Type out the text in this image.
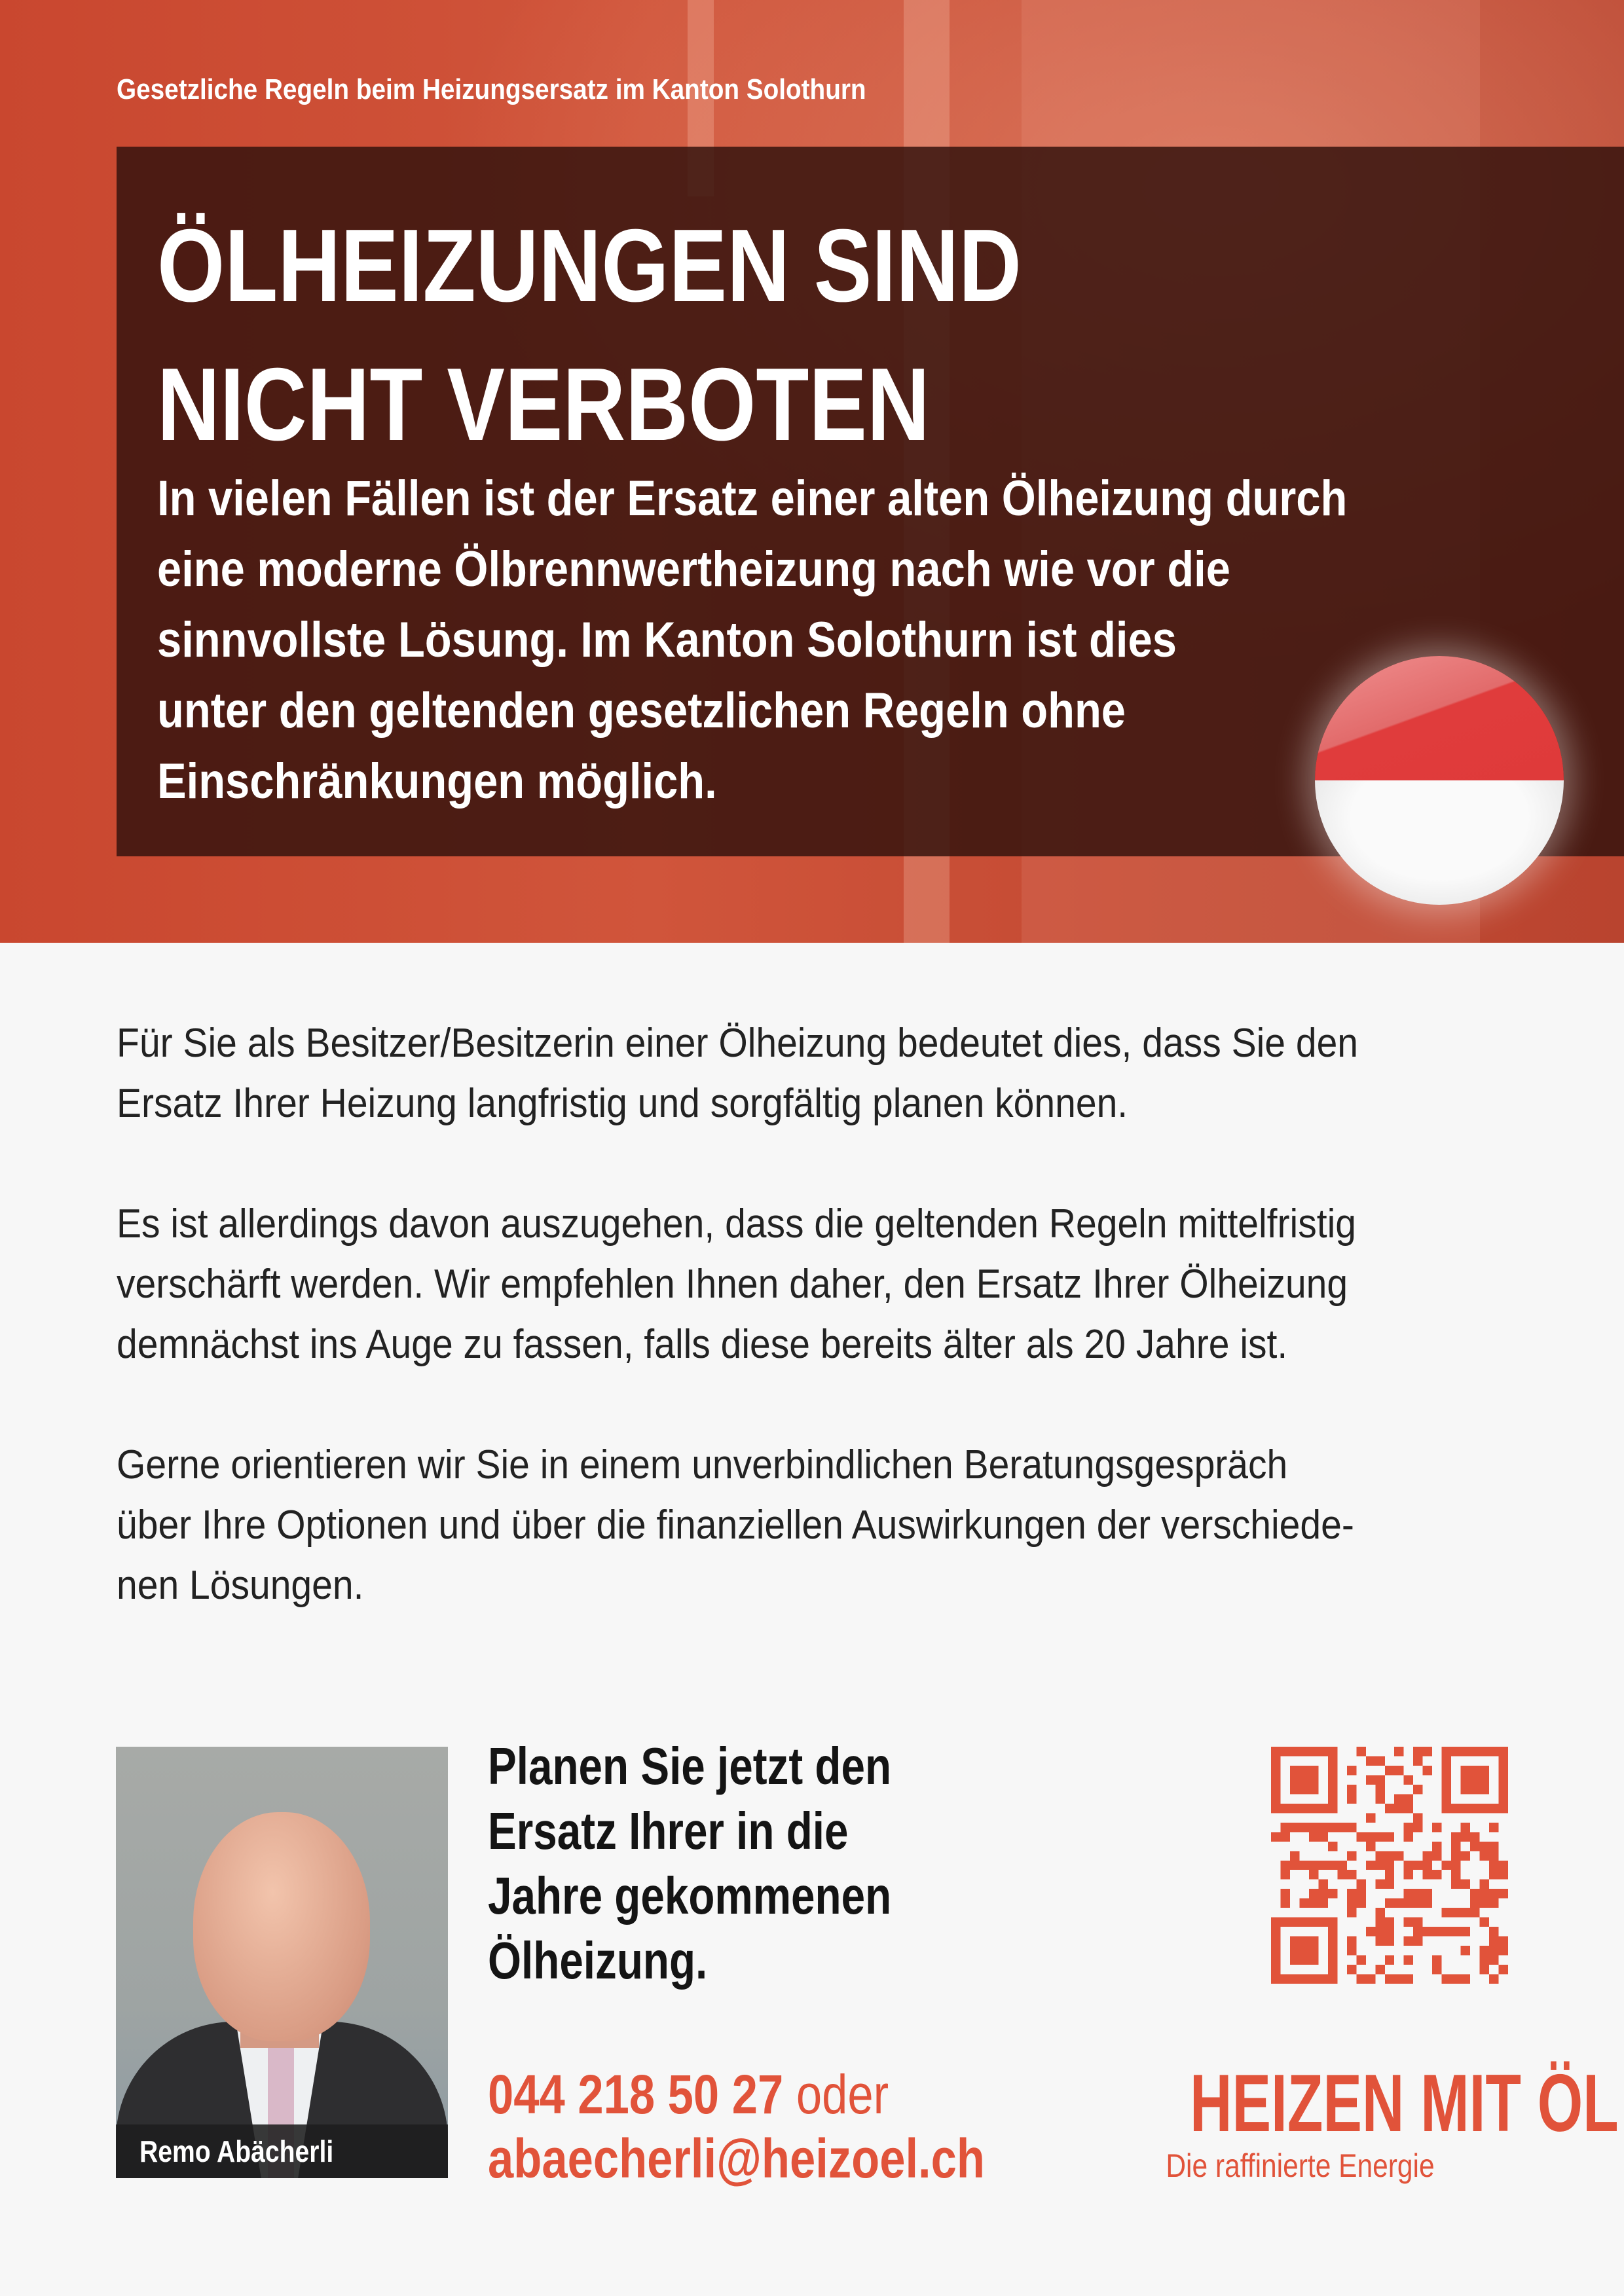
Gesetzliche Regeln beim Heizungsersatz im Kanton Solothurn
ÖLHEIZUNGEN SIND
NICHT VERBOTEN
In vielen Fällen ist der Ersatz einer alten Ölheizung durch
eine moderne Ölbrennwertheizung nach wie vor die
sinnvollste Lösung. Im Kanton Solothurn ist dies
unter den geltenden gesetzlichen Regeln ohne
Einschränkungen möglich.

Für Sie als Besitzer/Besitzerin einer Ölheizung bedeutet dies, dass Sie den
Ersatz Ihrer Heizung langfristig und sorgfältig planen können.

Es ist allerdings davon auszugehen, dass die geltenden Regeln mittelfristig
verschärft werden. Wir empfehlen Ihnen daher, den Ersatz Ihrer Ölheizung
demnächst ins Auge zu fassen, falls diese bereits älter als 20 Jahre ist.

Gerne orientieren wir Sie in einem unverbindlichen Beratungsgespräch
über Ihre Optionen und über die finanziellen Auswirkungen der verschiede-
nen Lösungen.

Remo Abächerli
Planen Sie jetzt den
Ersatz Ihrer in die
Jahre gekommenen
Ölheizung.
044 218 50 27 oder
abaecherli@heizoel.ch
HEIZEN MIT ÖL
Die raffinierte Energie
